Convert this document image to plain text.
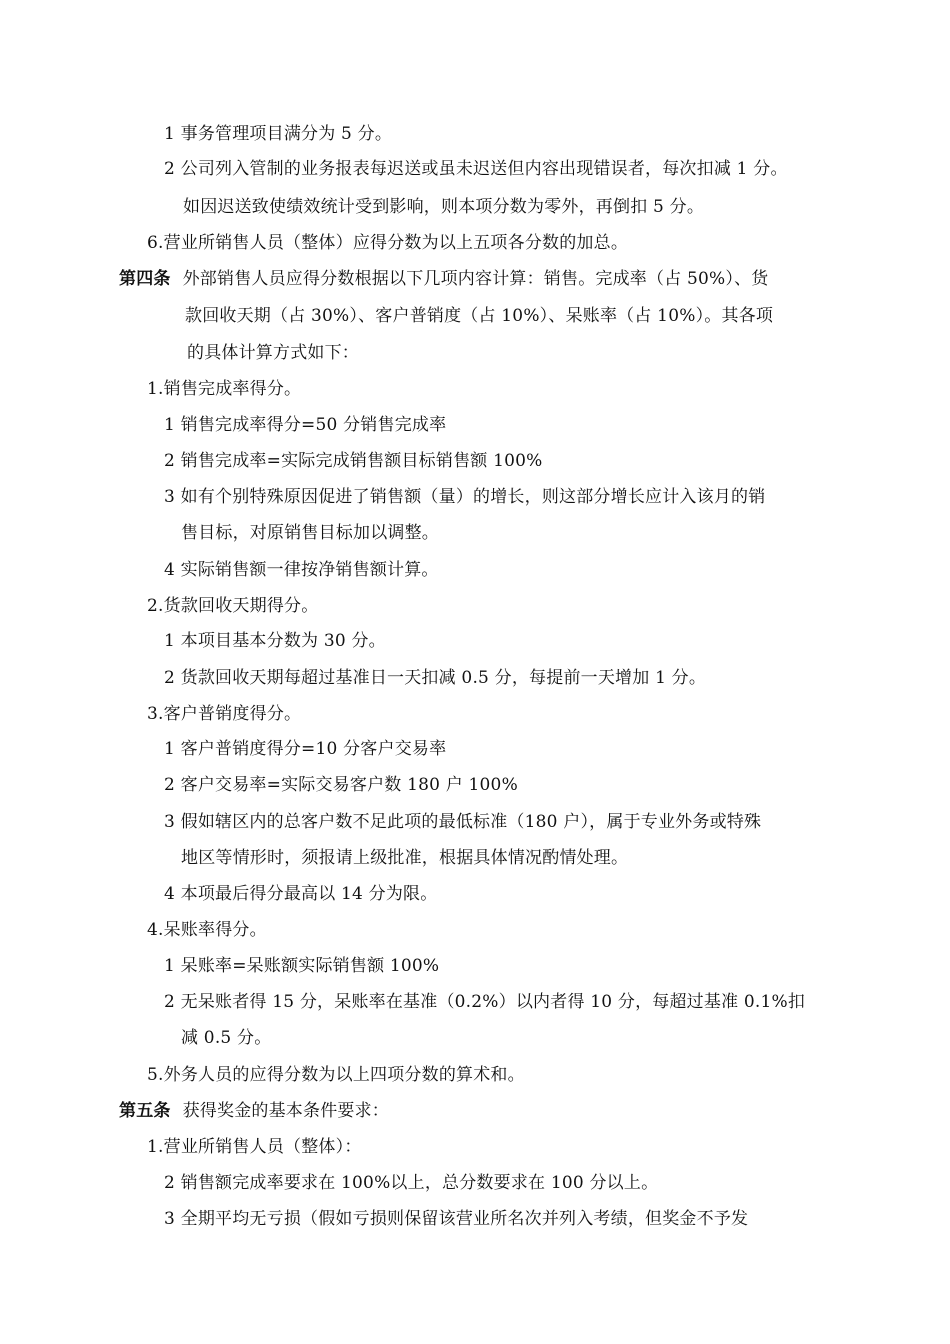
1 事务管理项目满分为 5 分。
2 公司列入管制的业务报表每迟送或虽未迟送但内容出现错误者，每次扣减 1 分。
如因迟送致使绩效统计受到影响，则本项分数为零外，再倒扣 5 分。
6.营业所销售人员（整体）应得分数为以上五项各分数的加总。
第四条 外部销售人员应得分数根据以下几项内容计算：销售。完成率（占 50%）、货
款回收天期（占 30%）、客户普销度（占 10%）、呆账率（占 10%）。其各项
的具体计算方式如下：
1.销售完成率得分。
1 销售完成率得分=50 分销售完成率
2 销售完成率=实际完成销售额目标销售额 100%
3 如有个别特殊原因促进了销售额（量）的增长，则这部分增长应计入该月的销
售目标，对原销售目标加以调整。
4 实际销售额一律按净销售额计算。
2.货款回收天期得分。
1 本项目基本分数为 30 分。
2 货款回收天期每超过基准日一天扣减 0.5 分，每提前一天增加 1 分。
3.客户普销度得分。
1 客户普销度得分=10 分客户交易率
2 客户交易率=实际交易客户数 180 户 100%
3 假如辖区内的总客户数不足此项的最低标准（180 户），属于专业外务或特殊
地区等情形时，须报请上级批准，根据具体情况酌情处理。
4 本项最后得分最高以 14 分为限。
4.呆账率得分。
1 呆账率=呆账额实际销售额 100%
2 无呆账者得 15 分，呆账率在基准（0.2%）以内者得 10 分，每超过基准 0.1%扣
减 0.5 分。
5.外务人员的应得分数为以上四项分数的算术和。
第五条 获得奖金的基本条件要求：
1.营业所销售人员（整体）：
2 销售额完成率要求在 100%以上，总分数要求在 100 分以上。
3 全期平均无亏损（假如亏损则保留该营业所名次并列入考绩，但奖金不予发
